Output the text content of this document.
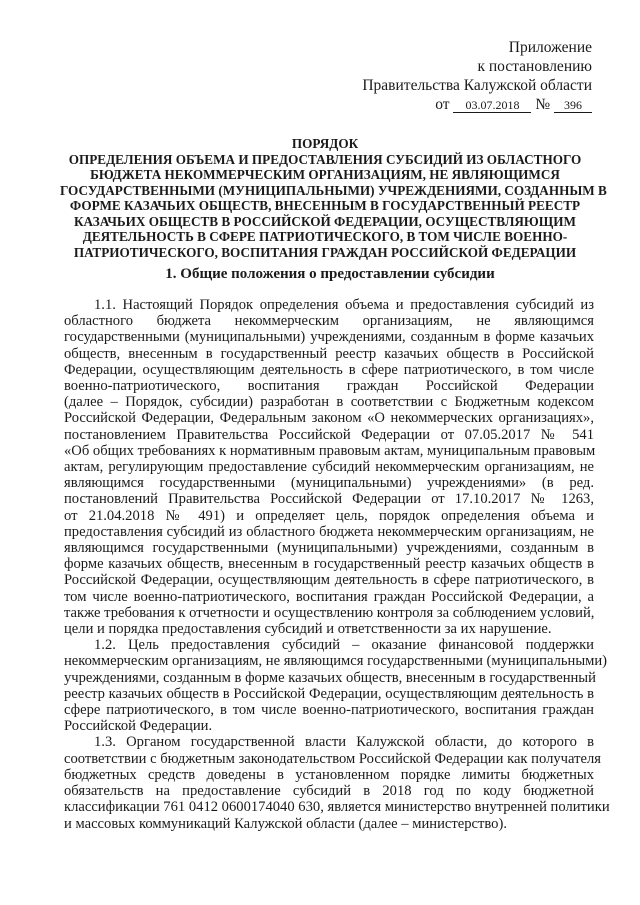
Приложение
к постановлению
Правительства Калужской области
от 03.07.2018 № 396
ПОРЯДОК
ОПРЕДЕЛЕНИЯ ОБЪЕМА И ПРЕДОСТАВЛЕНИЯ СУБСИДИЙ ИЗ ОБЛАСТНОГО
БЮДЖЕТА НЕКОММЕРЧЕСКИМ ОРГАНИЗАЦИЯМ, НЕ ЯВЛЯЮЩИМСЯ
ГОСУДАРСТВЕННЫМИ (МУНИЦИПАЛЬНЫМИ) УЧРЕЖДЕНИЯМИ, СОЗДАННЫМ В
ФОРМЕ КАЗАЧЬИХ ОБЩЕСТВ, ВНЕСЕННЫМ В ГОСУДАРСТВЕННЫЙ РЕЕСТР
КАЗАЧЬИХ ОБЩЕСТВ В РОССИЙСКОЙ ФЕДЕРАЦИИ, ОСУЩЕСТВЛЯЮЩИМ
ДЕЯТЕЛЬНОСТЬ В СФЕРЕ ПАТРИОТИЧЕСКОГО, В ТОМ ЧИСЛЕ ВОЕННО-
ПАТРИОТИЧЕСКОГО, ВОСПИТАНИЯ ГРАЖДАН РОССИЙСКОЙ ФЕДЕРАЦИИ
1. Общие положения о предоставлении субсидии
1.1. Настоящий Порядок определения объема и предоставления субсидий из
областного бюджета некоммерческим организациям, не являющимся
государственными (муниципальными) учреждениями, созданным в форме казачьих
обществ, внесенным в государственный реестр казачьих обществ в Российской
Федерации, осуществляющим деятельность в сфере патриотического, в том числе
военно-патриотического, воспитания граждан Российской Федерации
(далее – Порядок, субсидии) разработан в соответствии с Бюджетным кодексом
Российской Федерации, Федеральным законом «О некоммерческих организациях»,
постановлением Правительства Российской Федерации от 07.05.2017 № 541
«Об общих требованиях к нормативным правовым актам, муниципальным правовым
актам, регулирующим предоставление субсидий некоммерческим организациям, не
являющимся государственными (муниципальными) учреждениями» (в ред.
постановлений Правительства Российской Федерации от 17.10.2017 № 1263,
от 21.04.2018 № 491) и определяет цель, порядок определения объема и
предоставления субсидий из областного бюджета некоммерческим организациям, не
являющимся государственными (муниципальными) учреждениями, созданным в
форме казачьих обществ, внесенным в государственный реестр казачьих обществ в
Российской Федерации, осуществляющим деятельность в сфере патриотического, в
том числе военно-патриотического, воспитания граждан Российской Федерации, а
также требования к отчетности и осуществлению контроля за соблюдением условий,
цели и порядка предоставления субсидий и ответственности за их нарушение.
1.2. Цель предоставления субсидий – оказание финансовой поддержки
некоммерческим организациям, не являющимся государственными (муниципальными)
учреждениями, созданным в форме казачьих обществ, внесенным в государственный
реестр казачьих обществ в Российской Федерации, осуществляющим деятельность в
сфере патриотического, в том числе военно-патриотического, воспитания граждан
Российской Федерации.
1.3. Органом государственной власти Калужской области, до которого в
соответствии с бюджетным законодательством Российской Федерации как получателя
бюджетных средств доведены в установленном порядке лимиты бюджетных
обязательств на предоставление субсидий в 2018 год по коду бюджетной
классификации 761 0412 0600174040 630, является министерство внутренней политики
и массовых коммуникаций Калужской области (далее – министерство).
